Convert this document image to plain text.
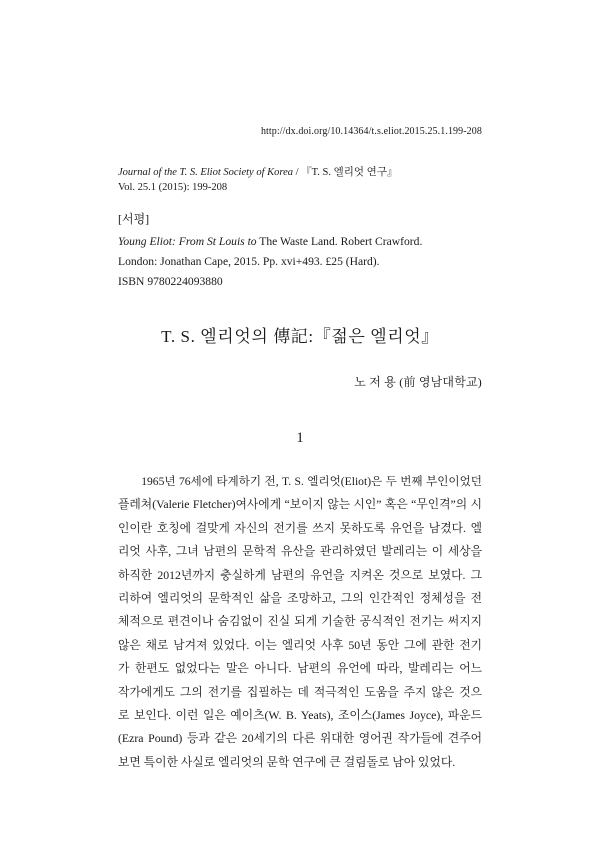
http://dx.doi.org/10.14364/t.s.eliot.2015.25.1.199-208
Journal of the T. S. Eliot Society of Korea / 『T. S. 엘리엇 연구』
Vol. 25.1 (2015): 199-208
[서평]
Young Eliot: From St Louis to The Waste Land. Robert Crawford.
London: Jonathan Cape, 2015. Pp. xvi+493. £25 (Hard).
ISBN 9780224093880
T. S. 엘리엇의 傳記:『젊은 엘리엇』
노 저 용 (前 영남대학교)
1
1965년 76세에 타계하기 전, T. S. 엘리엇(Eliot)은 두 번째 부인이었던
플레쳐(Valerie Fletcher)여사에게 “보이지 않는 시인” 혹은 “무인격”의 시
인이란 호칭에 걸맞게 자신의 전기를 쓰지 못하도록 유언을 남겼다. 엘
리엇 사후, 그녀 남편의 문학적 유산을 관리하였던 발레리는 이 세상을
하직한 2012년까지 충실하게 남편의 유언을 지켜온 것으로 보였다. 그
리하여 엘리엇의 문학적인 삶을 조망하고, 그의 인간적인 정체성을 전
체적으로 편견이나 숨김없이 진실 되게 기술한 공식적인 전기는 써지지
않은 채로 남겨져 있었다. 이는 엘리엇 사후 50년 동안 그에 관한 전기
가 한편도 없었다는 말은 아니다. 남편의 유언에 따라, 발레리는 어느
작가에게도 그의 전기를 집필하는 데 적극적인 도움을 주지 않은 것으
로 보인다. 이런 일은 예이츠(W. B. Yeats), 조이스(James Joyce), 파운드
(Ezra Pound) 등과 같은 20세기의 다른 위대한 영어권 작가들에 견주어
보면 특이한 사실로 엘리엇의 문학 연구에 큰 걸림돌로 남아 있었다.
